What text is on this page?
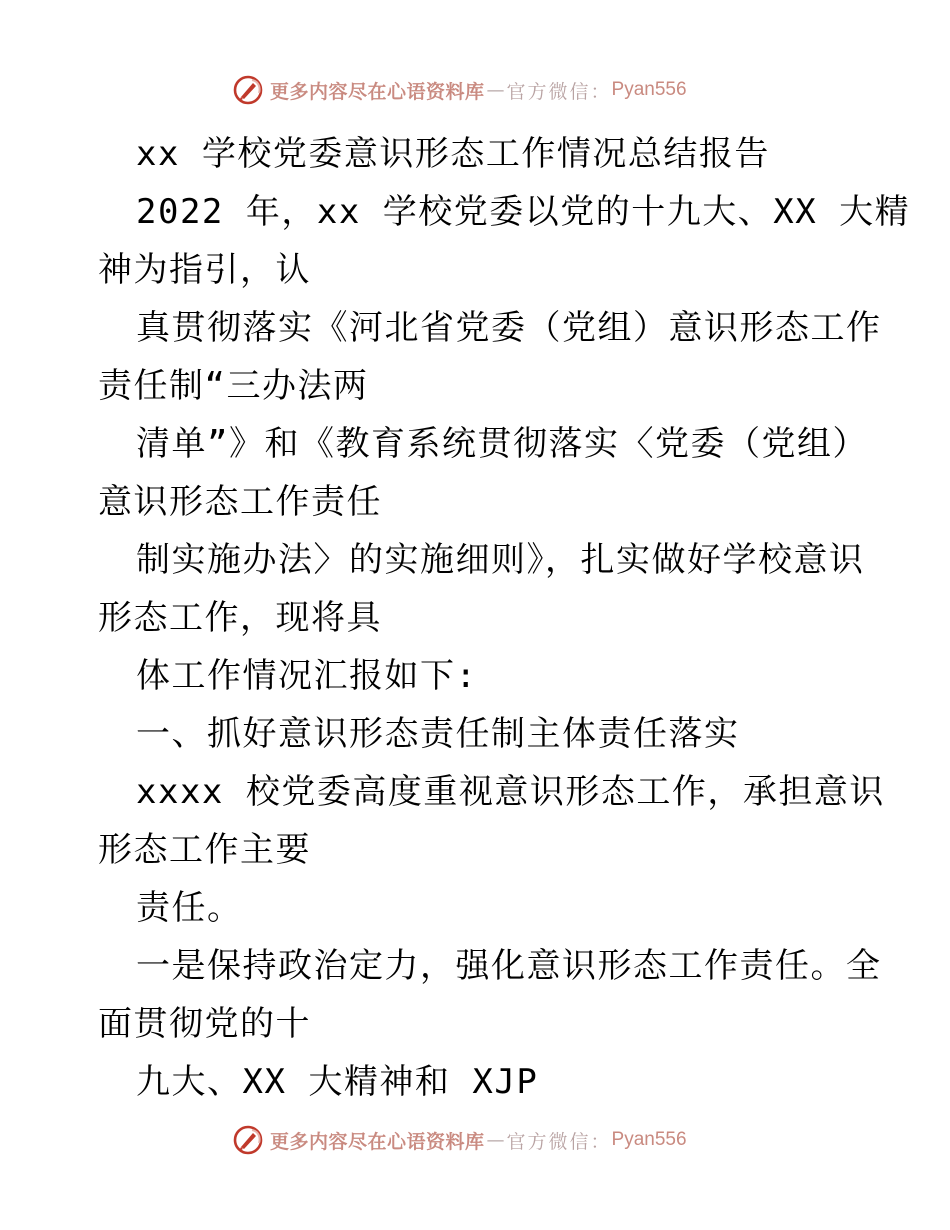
更多内容尽在心语资料库 — 官方微信： Pyan556
xx 学校党委意识形态工作情况总结报告
2022 年，xx 学校党委以党的十九大、XX 大精
神为指引，认
真贯彻落实《河北省党委（党组）意识形态工作
责任制“三办法两
清单”》和《教育系统贯彻落实〈党委（党组）
意识形态工作责任
制实施办法〉的实施细则》，扎实做好学校意识
形态工作，现将具
体工作情况汇报如下:
一、抓好意识形态责任制主体责任落实
xxxx 校党委高度重视意识形态工作，承担意识
形态工作主要
责任。
一是保持政治定力，强化意识形态工作责任。全
面贯彻党的十
九大、XX 大精神和 XJP
更多内容尽在心语资料库 — 官方微信： Pyan556
